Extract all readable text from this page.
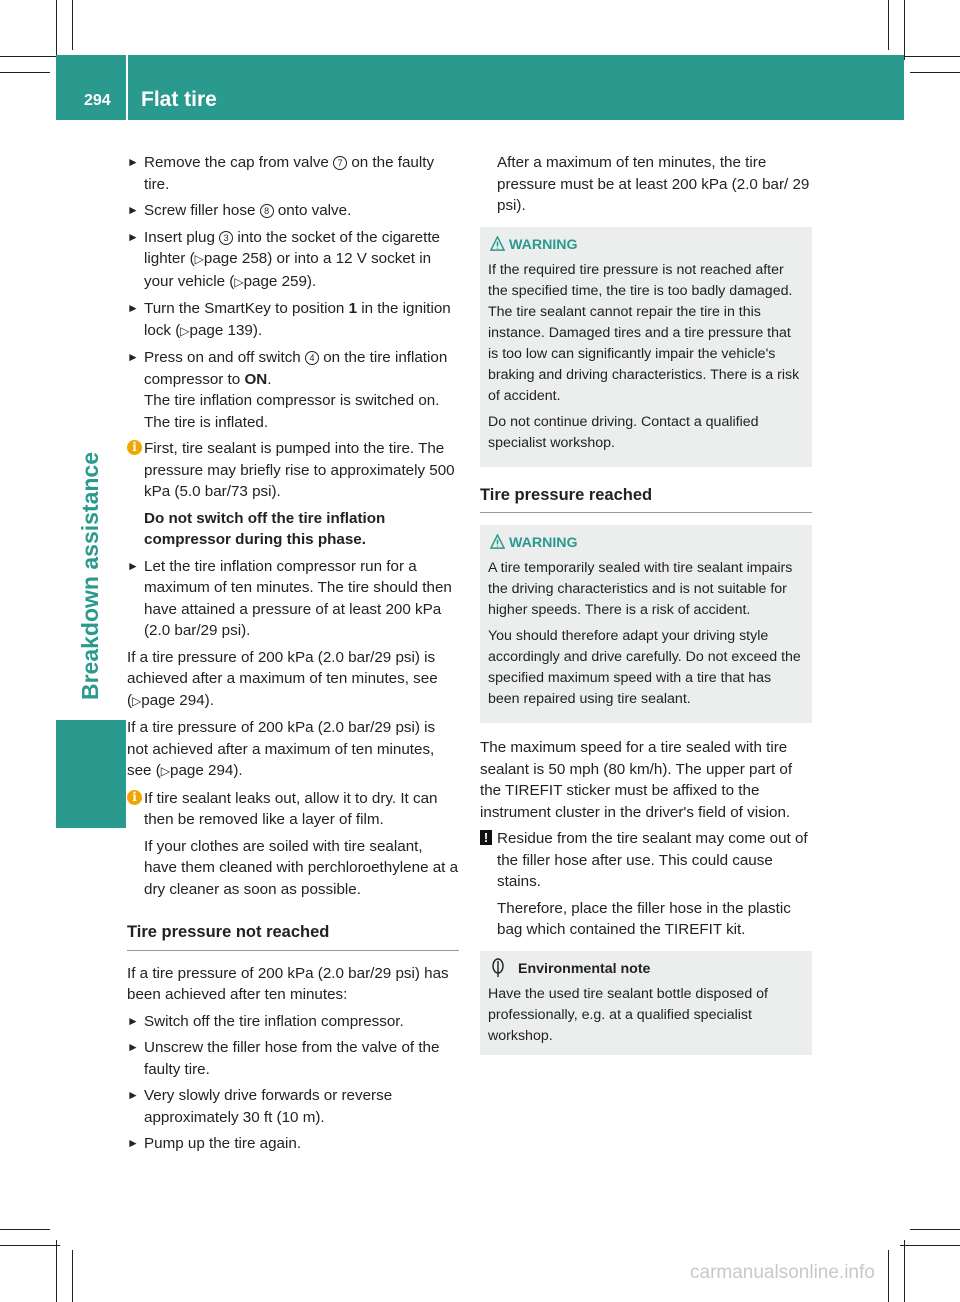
294 Flat tire
Breakdown assistance
► Remove the cap from valve 7 on the faulty tire.
► Screw filler hose 8 onto valve.
► Insert plug 3 into the socket of the cigarette lighter (▷page 258) or into a 12 V socket in your vehicle (▷page 259).
► Turn the SmartKey to position 1 in the ignition lock (▷page 139).
► Press on and off switch 4 on the tire inflation compressor to ON.
The tire inflation compressor is switched on. The tire is inflated.
i First, tire sealant is pumped into the tire. The pressure may briefly rise to approximately 500 kPa (5.0 bar/73 psi).
Do not switch off the tire inflation compressor during this phase.
► Let the tire inflation compressor run for a maximum of ten minutes. The tire should then have attained a pressure of at least 200 kPa (2.0 bar/29 psi).
If a tire pressure of 200 kPa (2.0 bar/29 psi) is achieved after a maximum of ten minutes, see (▷page 294).
If a tire pressure of 200 kPa (2.0 bar/29 psi) is not achieved after a maximum of ten minutes, see (▷page 294).
i If tire sealant leaks out, allow it to dry. It can then be removed like a layer of film.
If your clothes are soiled with tire sealant, have them cleaned with perchloroethylene at a dry cleaner as soon as possible.
Tire pressure not reached
If a tire pressure of 200 kPa (2.0 bar/29 psi) has been achieved after ten minutes:
► Switch off the tire inflation compressor.
► Unscrew the filler hose from the valve of the faulty tire.
► Very slowly drive forwards or reverse approximately 30 ft (10 m).
► Pump up the tire again.
After a maximum of ten minutes, the tire pressure must be at least 200 kPa (2.0 bar/ 29 psi).
WARNING

If the required tire pressure is not reached after the specified time, the tire is too badly damaged. The tire sealant cannot repair the tire in this instance. Damaged tires and a tire pressure that is too low can significantly impair the vehicle's braking and driving characteristics. There is a risk of accident.

Do not continue driving. Contact a qualified specialist workshop.

Tire pressure reached
WARNING

A tire temporarily sealed with tire sealant impairs the driving characteristics and is not suitable for higher speeds. There is a risk of accident.

You should therefore adapt your driving style accordingly and drive carefully. Do not exceed the specified maximum speed with a tire that has been repaired using tire sealant.

The maximum speed for a tire sealed with tire sealant is 50 mph (80 km/h). The upper part of the TIREFIT sticker must be affixed to the instrument cluster in the driver's field of vision.
! Residue from the tire sealant may come out of the filler hose after use. This could cause stains.
Therefore, place the filler hose in the plastic bag which contained the TIREFIT kit.
Environmental note

Have the used tire sealant bottle disposed of professionally, e.g. at a qualified specialist workshop.

carmanualsonline.info
